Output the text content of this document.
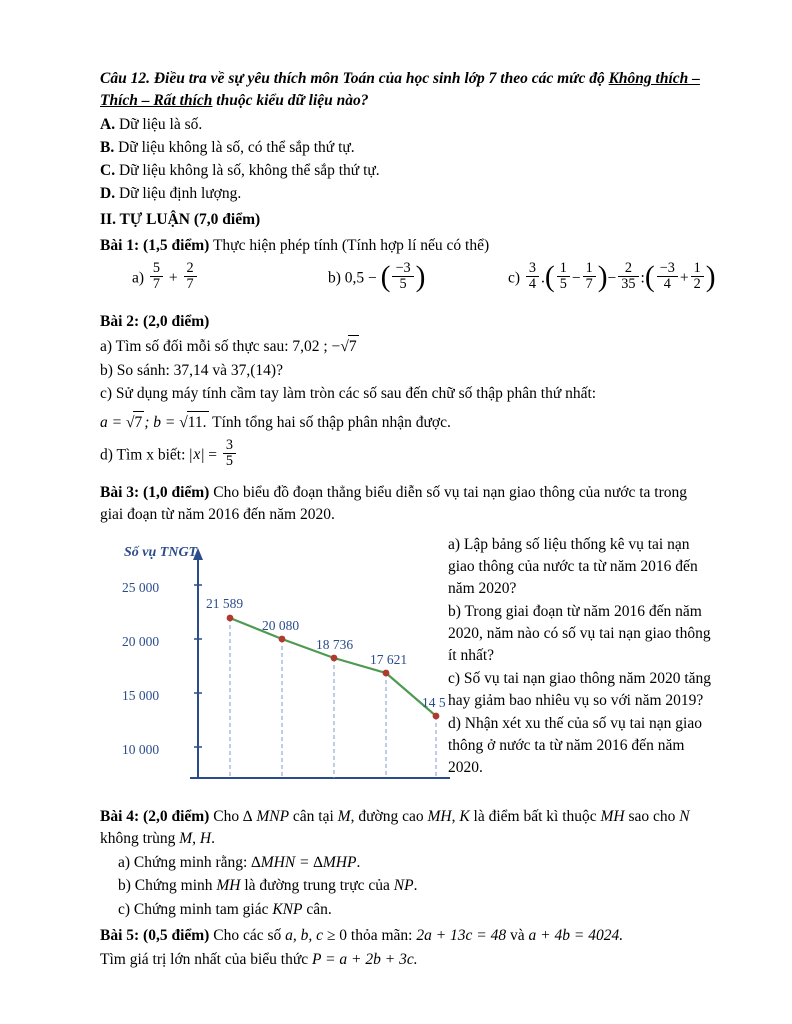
Câu 12. Điều tra về sự yêu thích môn Toán của học sinh lớp 7 theo các mức độ Không thích – Thích – Rất thích thuộc kiểu dữ liệu nào?

A. Dữ liệu là số.

B. Dữ liệu không là số, có thể sắp thứ tự.

C. Dữ liệu không là số, không thể sắp thứ tự.

D. Dữ liệu định lượng.

II. TỰ LUẬN (7,0 điểm)

Bài 1: (1,5 điểm) Thực hiện phép tính (Tính hợp lí nếu có thể)

$a) \frac{5}{7} + \frac{2}{7}$	b) 0,5 − ( $\frac{-3}{5}$ )	$c) \frac{3}{4}$ .( $\frac{1}{5} - \frac{1}{7}$ )− $\frac{2}{35}$ :( $\frac{-3}{4} + \frac{1}{2}$ )

Bài 2: (2,0 điểm)

a) Tìm số đối mỗi số thực sau: 7,02 ; −√7

b) So sánh: 37,14 và 37,(14)?

c) Sử dụng máy tính cầm tay làm tròn các số sau đến chữ số thập phân thứ nhất:

a = √7 ; b = √11. Tính tổng hai số thập phân nhận được.

d) Tìm x biết: $|x| = \frac{3}{5}$

Bài 3: (1,0 điểm) Cho biểu đồ đoạn thẳng biểu diễn số vụ tai nạn giao thông của nước ta trong giai đoạn từ năm 2016 đến năm 2020.

Số vụ TNGT
25 000
20 000
15 000
10 000
21 589
20 080
18 736
17 621
14 5

a) Lập bảng số liệu thống kê vụ tai nạn giao thông của nước ta từ năm 2016 đến năm 2020?

b) Trong giai đoạn từ năm 2016 đến năm 2020, năm nào có số vụ tai nạn giao thông ít nhất?

c) Số vụ tai nạn giao thông năm 2020 tăng hay giảm bao nhiêu vụ so với năm 2019?

d) Nhận xét xu thế của số vụ tai nạn giao thông ở nước ta từ năm 2016 đến năm 2020.

Bài 4: (2,0 điểm) Cho ∆ MNP cân tại M, đường cao MH, K là điểm bất kì thuộc MH sao cho N không trùng M, H.

a) Chứng minh rằng: ∆MHN = ∆MHP.

b) Chứng minh MH là đường trung trực của NP.

c) Chứng minh tam giác KNP cân.

Bài 5: (0,5 điểm) Cho các số a, b, c ≥ 0 thỏa mãn: 2a + 13c = 48 và a + 4b = 4024.

Tìm giá trị lớn nhất của biểu thức P = a + 2b + 3c.
